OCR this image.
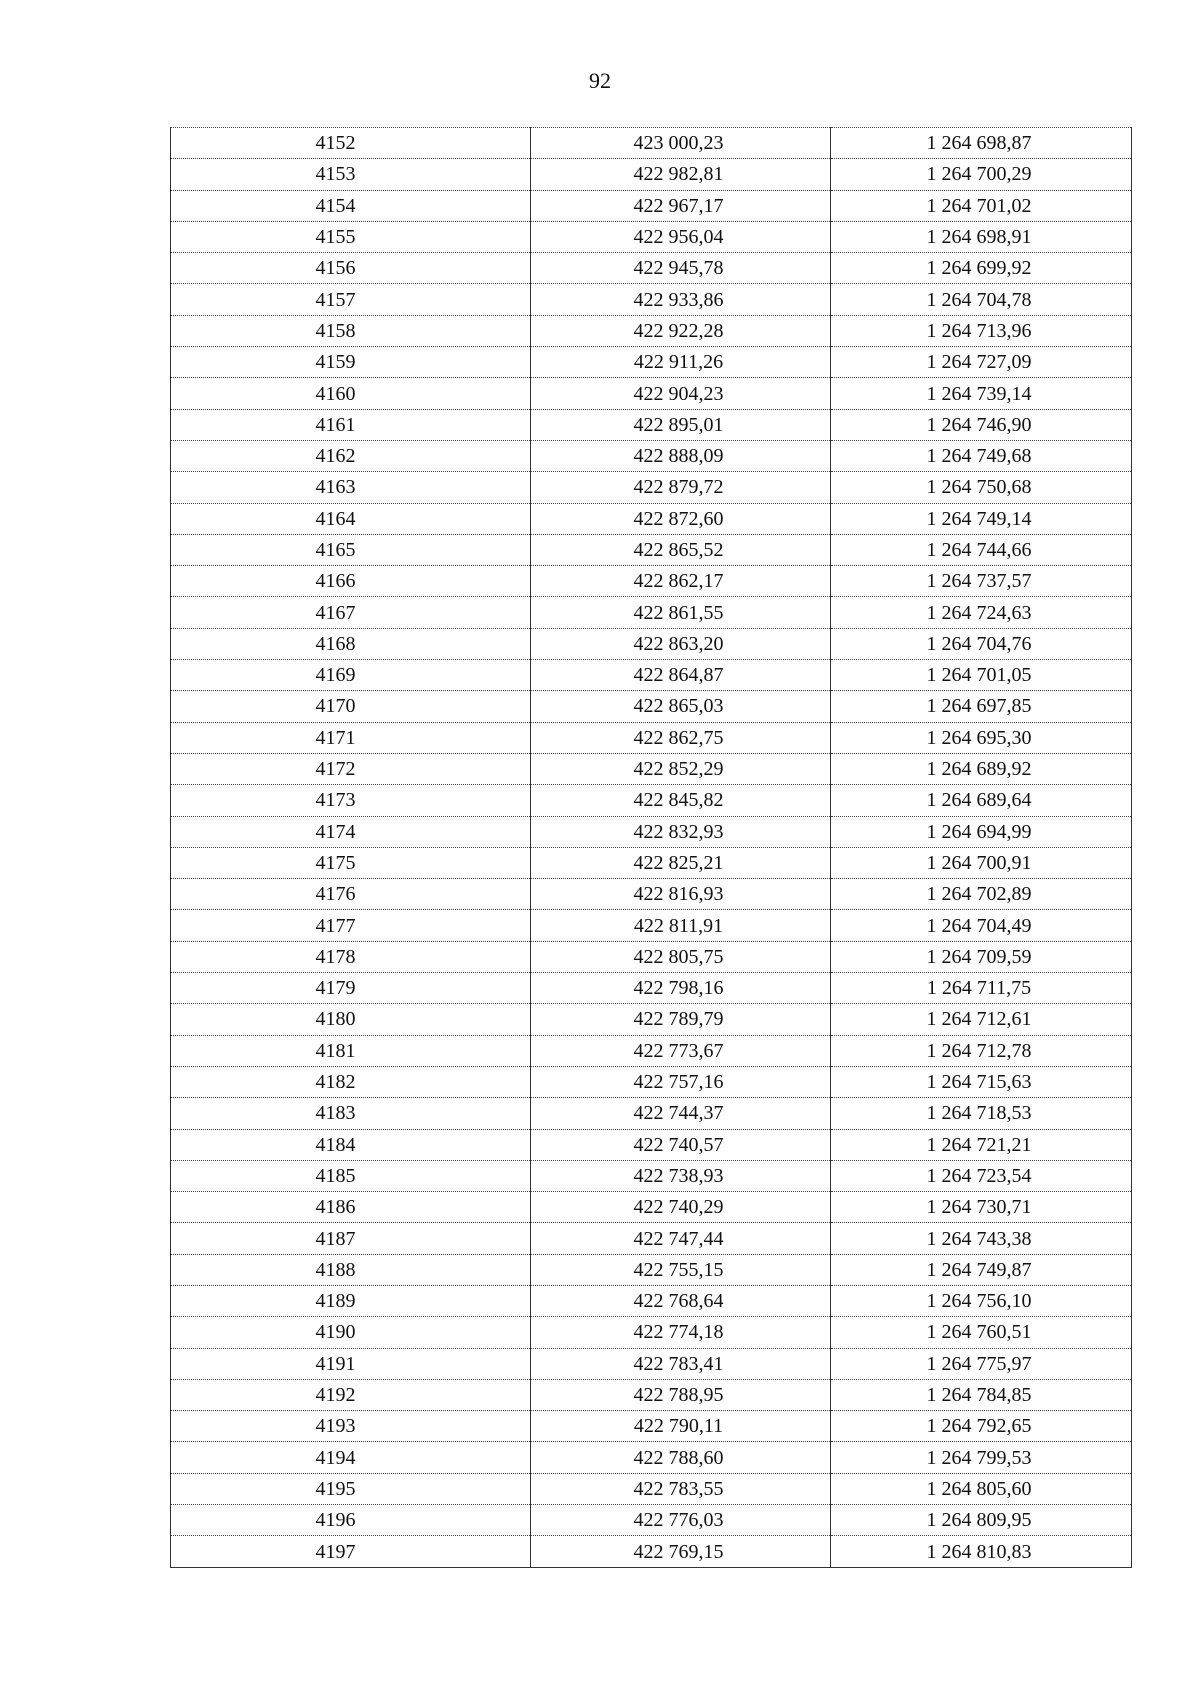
92
4152	423 000,23	1 264 698,87
4153	422 982,81	1 264 700,29
4154	422 967,17	1 264 701,02
4155	422 956,04	1 264 698,91
4156	422 945,78	1 264 699,92
4157	422 933,86	1 264 704,78
4158	422 922,28	1 264 713,96
4159	422 911,26	1 264 727,09
4160	422 904,23	1 264 739,14
4161	422 895,01	1 264 746,90
4162	422 888,09	1 264 749,68
4163	422 879,72	1 264 750,68
4164	422 872,60	1 264 749,14
4165	422 865,52	1 264 744,66
4166	422 862,17	1 264 737,57
4167	422 861,55	1 264 724,63
4168	422 863,20	1 264 704,76
4169	422 864,87	1 264 701,05
4170	422 865,03	1 264 697,85
4171	422 862,75	1 264 695,30
4172	422 852,29	1 264 689,92
4173	422 845,82	1 264 689,64
4174	422 832,93	1 264 694,99
4175	422 825,21	1 264 700,91
4176	422 816,93	1 264 702,89
4177	422 811,91	1 264 704,49
4178	422 805,75	1 264 709,59
4179	422 798,16	1 264 711,75
4180	422 789,79	1 264 712,61
4181	422 773,67	1 264 712,78
4182	422 757,16	1 264 715,63
4183	422 744,37	1 264 718,53
4184	422 740,57	1 264 721,21
4185	422 738,93	1 264 723,54
4186	422 740,29	1 264 730,71
4187	422 747,44	1 264 743,38
4188	422 755,15	1 264 749,87
4189	422 768,64	1 264 756,10
4190	422 774,18	1 264 760,51
4191	422 783,41	1 264 775,97
4192	422 788,95	1 264 784,85
4193	422 790,11	1 264 792,65
4194	422 788,60	1 264 799,53
4195	422 783,55	1 264 805,60
4196	422 776,03	1 264 809,95
4197	422 769,15	1 264 810,83
